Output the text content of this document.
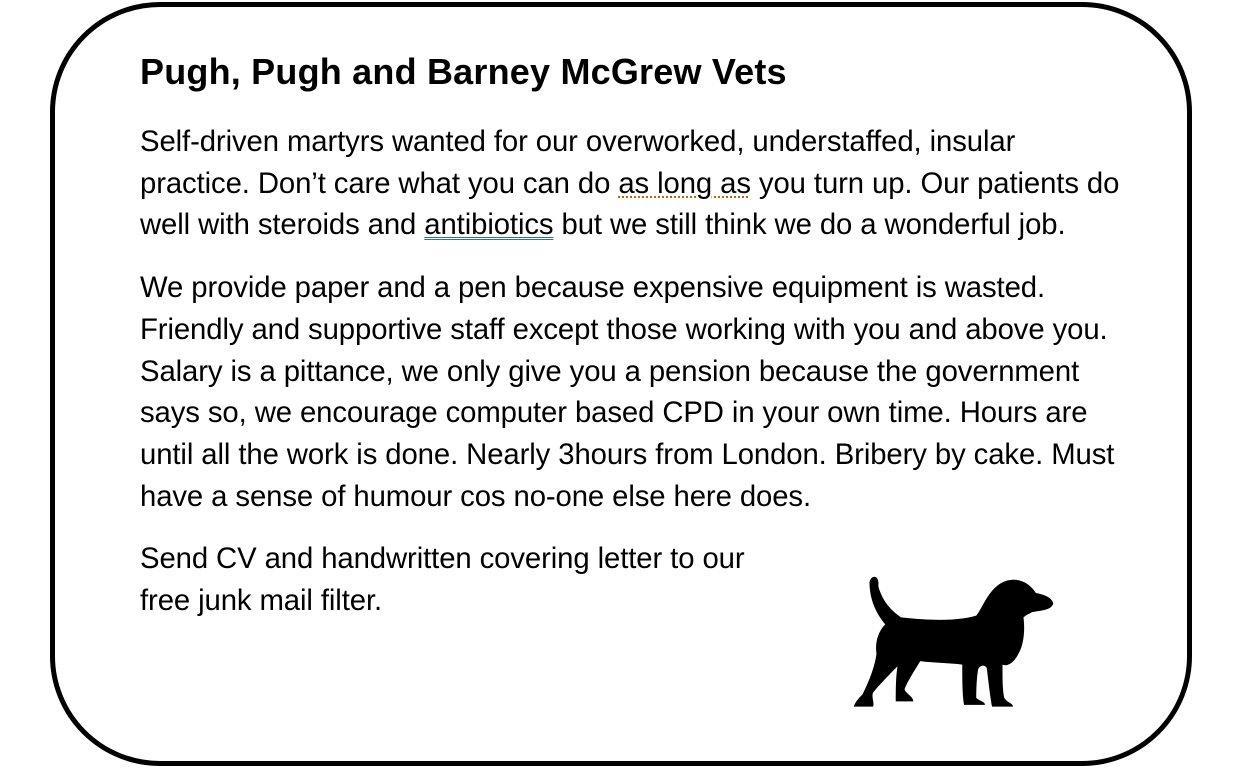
Pugh, Pugh and Barney McGrew Vets

Self-driven martyrs wanted for our overworked, understaffed, insular practice. Don’t care what you can do as long as you turn up. Our patients do well with steroids and antibiotics but we still think we do a wonderful job.

We provide paper and a pen because expensive equipment is wasted. Friendly and supportive staff except those working with you and above you. Salary is a pittance, we only give you a pension because the government says so, we encourage computer based CPD in your own time. Hours are until all the work is done. Nearly 3hours from London. Bribery by cake. Must have a sense of humour cos no-one else here does.

Send CV and handwritten covering letter to our free junk mail filter.
